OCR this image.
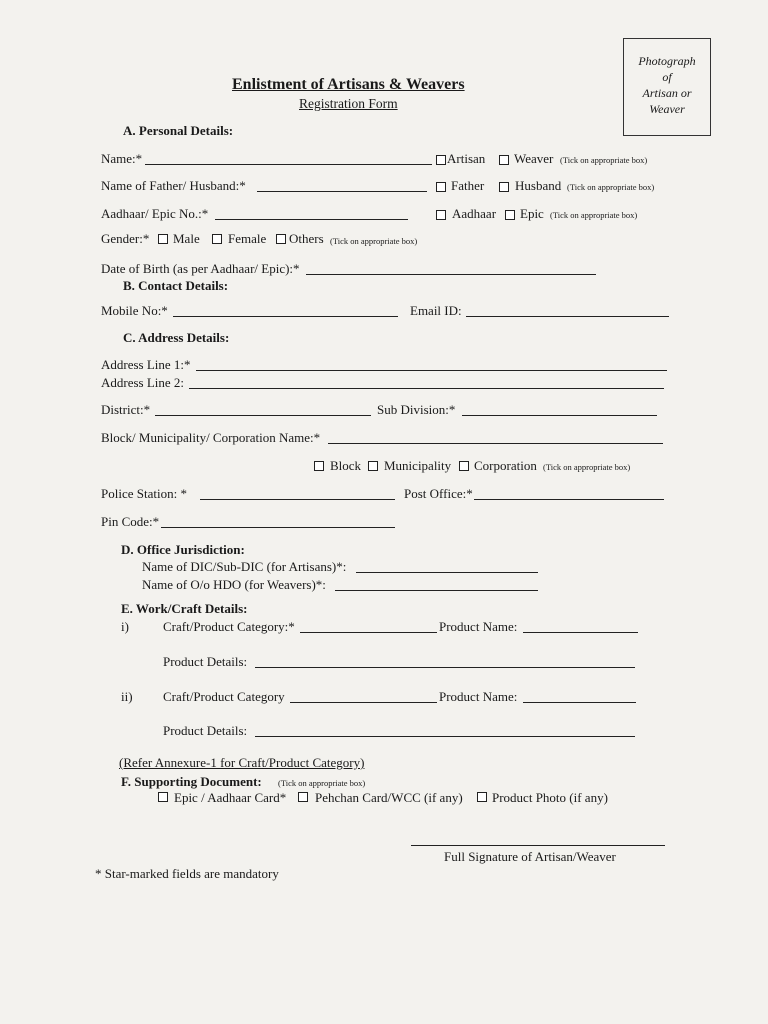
Photograph
of
Artisan or
Weaver
Enlistment of Artisans & Weavers
Registration Form
A. Personal Details:
Name:*	Artisan Weaver (Tick on appropriate box)
Name of Father/ Husband:*	Father Husband (Tick on appropriate box)
Aadhaar/ Epic No.:*	Aadhaar Epic (Tick on appropriate box)
Gender:* Male Female Others (Tick on appropriate box)
Date of Birth (as per Aadhaar/ Epic):*
B. Contact Details:
Mobile No:*	Email ID:
C. Address Details:
Address Line 1:*
Address Line 2:
District:*	Sub Division:*
Block/ Municipality/ Corporation Name:*
Block Municipality Corporation (Tick on appropriate box)
Police Station: *	Post Office:*
Pin Code:*
D. Office Jurisdiction:
Name of DIC/Sub-DIC (for Artisans)*:
Name of O/o HDO (for Weavers)*:
E. Work/Craft Details:
i)	Craft/Product Category:*	Product Name:
Product Details:
ii) Craft/Product Category	Product Name:
Product Details:
(Refer Annexure-1 for Craft/Product Category)
F. Supporting Document: (Tick on appropriate box)
Epic / Aadhaar Card* Pehchan Card/WCC (if any) Product Photo (if any)
Full Signature of Artisan/Weaver
* Star-marked fields are mandatory
